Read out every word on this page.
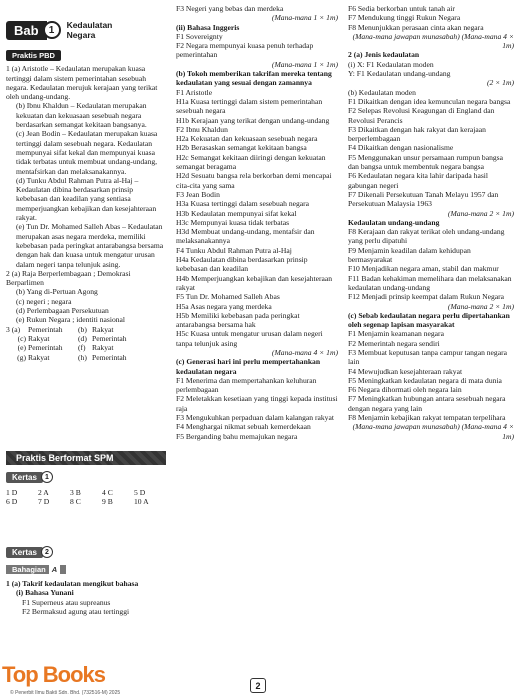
Bab	1	Kedaulatan Negara
Praktis PBD

1 (a) Aristotle – Kedaulatan merupakan kuasa tertinggi dalam sistem pemerintahan sesebuah negara. Kedaulatan merujuk kerajaan yang terikat oleh undang-undang.

(b) Ibnu Khaldun – Kedaulatan merupakan kekuatan dan kekuasaan sesebuah negara berdasarkan semangat kekitaan bangsanya.

(c) Jean Bodin – Kedaulatan merupakan kuasa tertinggi dalam sesebuah negara. Kedaulatan mempunyai sifat kekal dan mempunyai kuasa tidak terbatas untuk membuat undang-undang, mentafsirkan dan melaksanakannya.

(d) Tunku Abdul Rahman Putra al-Haj – Kedaulatan dibina berdasarkan prinsip kebebasan dan keadilan yang sentiasa memperjuangkan kebajikan dan kesejahteraan rakyat.

(e) Tun Dr. Mohamed Salleh Abas – Kedaulatan merupakan asas negara merdeka, memiliki kebebasan pada peringkat antarabangsa bersama dengan hak dan kuasa untuk mengatur urusan dalam negeri tanpa telunjuk asing.

2 (a) Raja Berperlembagaan ; Demokrasi Berparlimen

(b) Yang di-Pertuan Agong

(c) negeri ; negara

(d) Perlembagaan Persekutuan

(e) Rukun Negara ; identiti nasional

3 (a)	Pemerintah	(b) Rakyat
(c) Rakyat	(d) Pemerintah
(e) Pemerintah	(f) Rakyat
(g) Rakyat	(h) Pemerintah
Praktis Berformat SPM
Kertas	1
1 D	2 A	3 B	4 C	5 D
6 D	7 D	8 C	9 B	10 A
Kertas	2
Bahagian A

1 (a) Takrif kedaulatan mengikut bahasa

(i) Bahasa Yunani

F1 Superneus atau supreanus

F2 Bermaksud agung atau tertinggi

F3 Negeri yang bebas dan merdeka

(Mana-mana 1 × 1m)

(ii) Bahasa Inggeris

F1 Sovereignty

F2 Negara mempunyai kuasa penuh terhadap pemerintahan

(Mana-mana 1 × 1m)

(b) Tokoh memberikan takrifan mereka tentang kedaulatan yang sesuai dengan zamannya

F1 Aristotle

H1a Kuasa tertinggi dalam sistem pemerintahan sesebuah negara

H1b Kerajaan yang terikat dengan undang-undang

F2 Ibnu Khaldun

H2a Kekuatan dan kekuasaan sesebuah negara

H2b Berasaskan semangat kekitaan bangsa

H2c Semangat kekitaan diiringi dengan kekuatan semangat beragama

H2d Sesuatu bangsa rela berkorban demi mencapai cita-cita yang sama

F3 Jean Bodin

H3a Kuasa tertinggi dalam sesebuah negara

H3b Kedaulatan mempunyai sifat kekal

H3c Mempunyai kuasa tidak terbatas

H3d Membuat undang-undang, mentafsir dan melaksanakannya

F4 Tunku Abdul Rahman Putra al-Haj

H4a Kedaulatan dibina berdasarkan prinsip kebebasan dan keadilan

H4b Memperjuangkan kebajikan dan kesejahteraan rakyat

F5 Tun Dr. Mohamed Salleh Abas

H5a Asas negara yang merdeka

H5b Memiliki kebebasan pada peringkat antarabangsa bersama hak

H5c Kuasa untuk mengatur urusan dalam negeri tanpa telunjuk asing

(Mana-mana 4 × 1m)

(c) Generasi hari ini perlu mempertahankan kedaulatan negara

F1 Menerima dan mempertahankan keluhuran perlembagaan

F2 Meletakkan kesetiaan yang tinggi kepada institusi raja

F3 Mengukuhkan perpaduan dalam kalangan rakyat

F4 Menghargai nikmat sebuah kemerdekaan

F5 Berganding bahu memajukan negara

F6 Sedia berkorban untuk tanah air

F7 Mendukung tinggi Rukun Negara

F8 Menunjukkan perasaan cinta akan negara

(Mana-mana jawapan munasabah) (Mana-mana 4 × 1m)

2 (a) Jenis kedaulatan

(i) X: F1 Kedaulatan moden

Y: F1 Kedaulatan undang-undang

(2 × 1m)

(b) Kedaulatan moden

F1 Dikaitkan dengan idea kemunculan negara bangsa

F2 Selepas Revolusi Keagungan di England dan Revolusi Perancis

F3 Dikaitkan dengan hak rakyat dan kerajaan berperlembagaan

F4 Dikaitkan dengan nasionalisme

F5 Menggunakan unsur persamaan rumpun bangsa dan bangsa untuk membentuk negara bangsa

F6 Kedaulatan negara kita lahir daripada hasil gabungan negeri

F7 Dikenali Persekutuan Tanah Melayu 1957 dan Persekutuan Malaysia 1963

(Mana-mana 2 × 1m)

Kedaulatan undang-undang

F8 Kerajaan dan rakyat terikat oleh undang-undang yang perlu dipatuhi

F9 Menjamin keadilan dalam kehidupan bermasyarakat

F10 Menjadikan negara aman, stabil dan makmur

F11 Badan kehakiman memeliharа dan melaksanakan kedaulatan undang-undang

F12 Menjadi prinsip keempat dalam Rukun Negara

(Mana-mana 2 × 1m)

(c) Sebab kedaulatan negara perlu dipertahankan oleh segenap lapisan masyarakat

F1 Menjamin keamanan negara

F2 Memerintah negara sendiri

F3 Membuat keputusan tanpa campur tangan negara lain

F4 Mewujudkan kesejahteraan rakyat

F5 Meningkatkan kedaulatan negara di mata dunia

F6 Negara dihormati oleh negara lain

F7 Meningkatkan hubungan antara sesebuah negara dengan negara yang lain

F8 Menjamin kebajikan rakyat tempatan terpelihara

(Mana-mana jawapan munasabah) (Mana-mana 4 × 1m)

Top Books
© Penerbit Ilmu Bakti Sdn. Bhd. (732516-M) 2025
2
